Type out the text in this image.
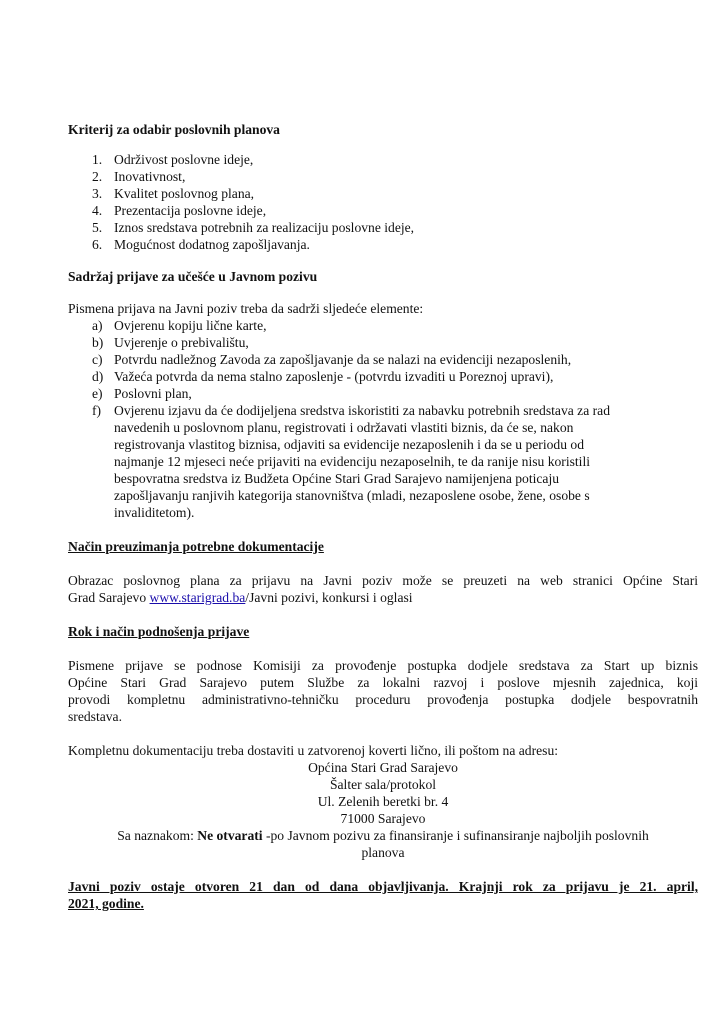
Kriterij za odabir poslovnih planova
1. Održivost poslovne ideje,
2. Inovativnost,
3. Kvalitet poslovnog plana,
4. Prezentacija poslovne ideje,
5. Iznos sredstava potrebnih za realizaciju poslovne ideje,
6. Mogućnost dodatnog zapošljavanja.
Sadržaj prijave za učešće u Javnom pozivu
Pismena prijava na Javni poziv treba da sadrži sljedeće elemente:
a) Ovjerenu kopiju lične karte,
b) Uvjerenje o prebivalištu,
c) Potvrdu nadležnog Zavoda za zapošljavanje da se nalazi na evidenciji nezaposlenih,
d) Važeća potvrda da nema stalno zaposlenje - (potvrdu izvaditi u Poreznoj upravi),
e) Poslovni plan,
f) Ovjerenu izjavu da će dodijeljena sredstva iskoristiti za nabavku potrebnih sredstava za rad
navedenih u poslovnom planu, registrovati i održavati vlastiti biznis, da će se, nakon
registrovanja vlastitog biznisa, odjaviti sa evidencije nezaposlenih i da se u periodu od
najmanje 12 mjeseci neće prijaviti na evidenciju nezaposelnih, te da ranije nisu koristili
bespovratna sredstva iz Budžeta Općine Stari Grad Sarajevo namijenjena poticaju
zapošljavanju ranjivih kategorija stanovništva (mladi, nezaposlene osobe, žene, osobe s
invaliditetom).
Način preuzimanja potrebne dokumentacije
Obrazac poslovnog plana za prijavu na Javni poziv može se preuzeti na web stranici Općine Stari
Grad Sarajevo www.starigrad.ba/Javni pozivi, konkursi i oglasi
Rok i način podnošenja prijave
Pismene prijave se podnose Komisiji za provođenje postupka dodjele sredstava za Start up biznis
Općine Stari Grad Sarajevo putem Službe za lokalni razvoj i poslove mjesnih zajednica, koji
provodi kompletnu administrativno-tehničku proceduru provođenja postupka dodjele bespovratnih
sredstava.
Kompletnu dokumentaciju treba dostaviti u zatvorenoj koverti lično, ili poštom na adresu:
Općina Stari Grad Sarajevo
Šalter sala/protokol
Ul. Zelenih beretki br. 4
71000 Sarajevo
Sa naznakom: Ne otvarati -po Javnom pozivu za finansiranje i sufinansiranje najboljih poslovnih
planova
Javni poziv ostaje otvoren 21 dan od dana objavljivanja. Krajnji rok za prijavu je 21. april,
2021, godine.
